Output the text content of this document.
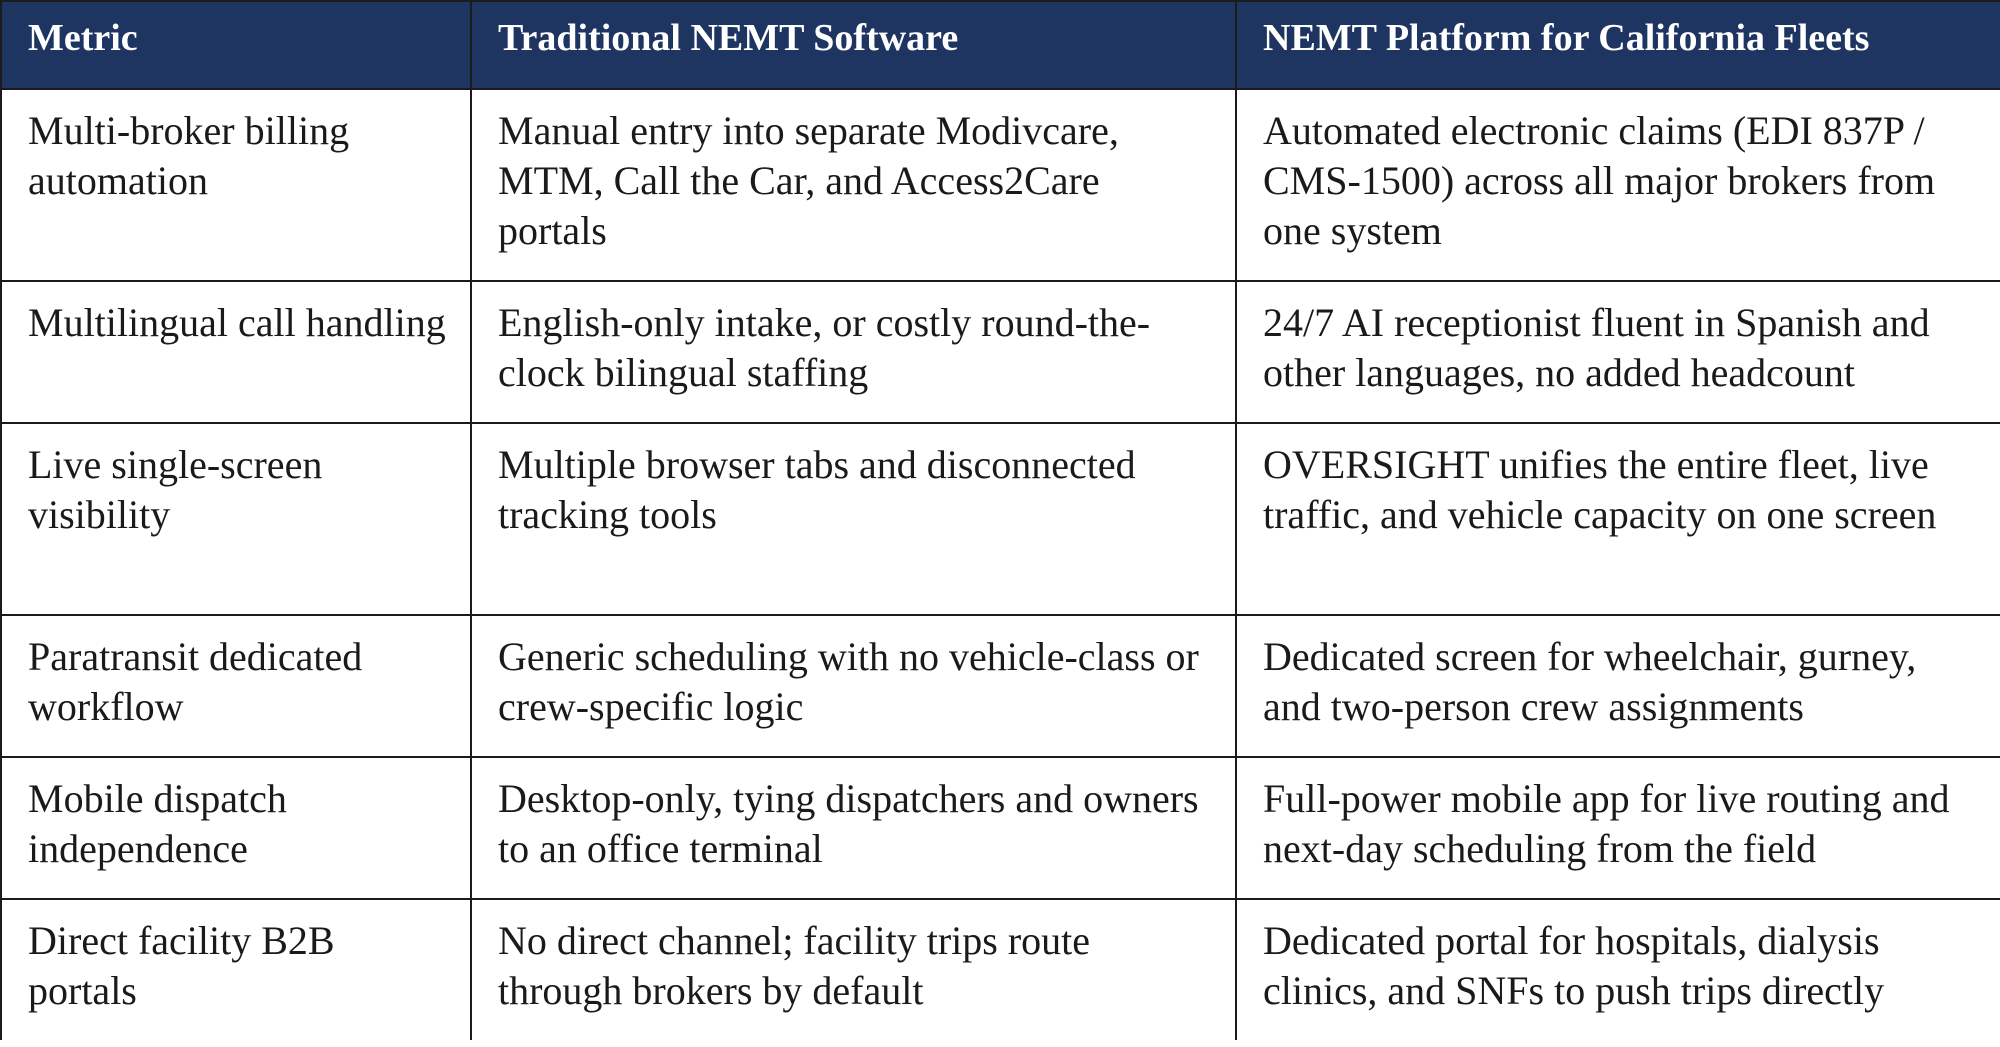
Metric	Traditional NEMT Software	NEMT Platform for California Fleets
Multi-broker billing automation	Manual entry into separate Modivcare, MTM, Call the Car, and Access2Care portals	Automated electronic claims (EDI 837P / CMS-1500) across all major brokers from one system
Multilingual call handling	English-only intake, or costly round-the-clock bilingual staffing	24/7 AI receptionist fluent in Spanish and other languages, no added headcount
Live single-screen visibility	Multiple browser tabs and disconnected tracking tools	OVERSIGHT unifies the entire fleet, live traffic, and vehicle capacity on one screen
Paratransit dedicated workflow	Generic scheduling with no vehicle-class or crew-specific logic	Dedicated screen for wheelchair, gurney, and two-person crew assignments
Mobile dispatch independence	Desktop-only, tying dispatchers and owners to an office terminal	Full-power mobile app for live routing and next-day scheduling from the field
Direct facility B2B portals	No direct channel; facility trips route through brokers by default	Dedicated portal for hospitals, dialysis clinics, and SNFs to push trips directly
